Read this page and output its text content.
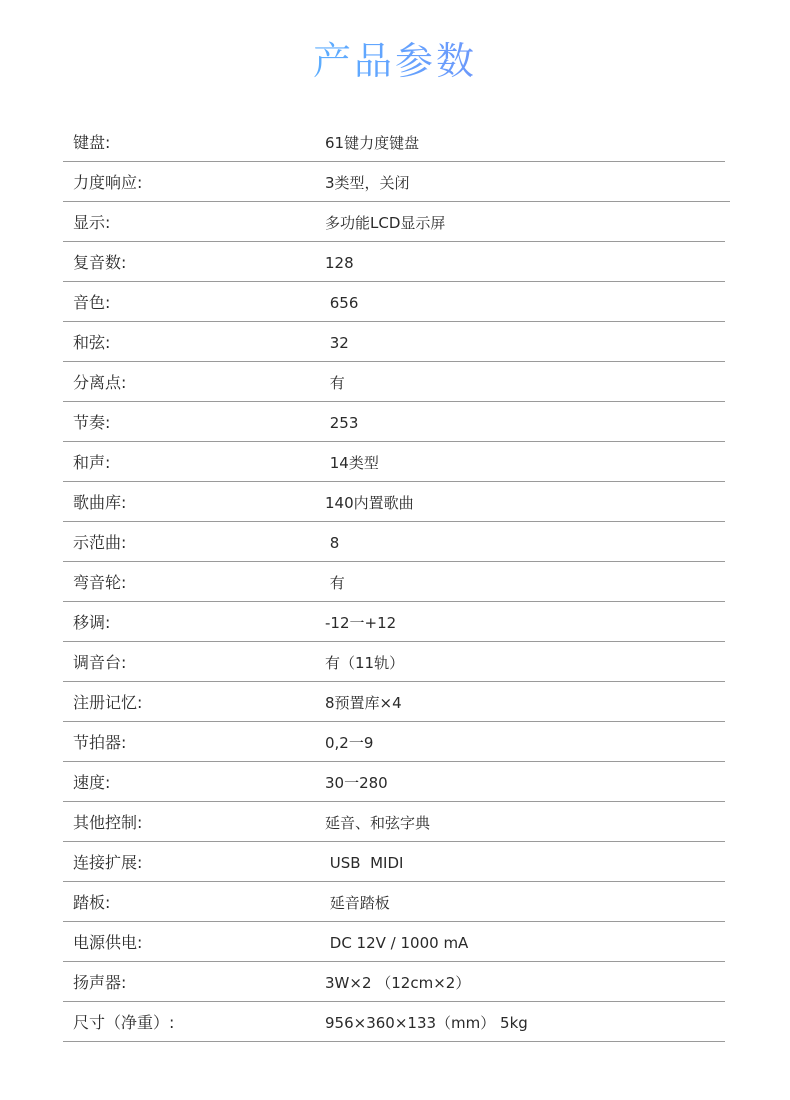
产品参数
键盘:	61键力度键盘
力度响应:	3类型，关闭
显示:	多功能LCD显示屏
复音数:	128
音色:	656
和弦:	32
分离点:	有
节奏:	253
和声:	14类型
歌曲库:	140内置歌曲
示范曲:	8
弯音轮:	有
移调:	-12一+12
调音台:	有（11轨）
注册记忆:	8预置库×4
节拍器:	0,2一9
速度:	30一280
其他控制:	延音、和弦字典
连接扩展:	USB  MIDI
踏板:	延音踏板
电源供电:	DC 12V / 1000 mA
扬声器:	3W×2 （12cm×2）
尺寸（净重）:	956×360×133（mm） 5kg
